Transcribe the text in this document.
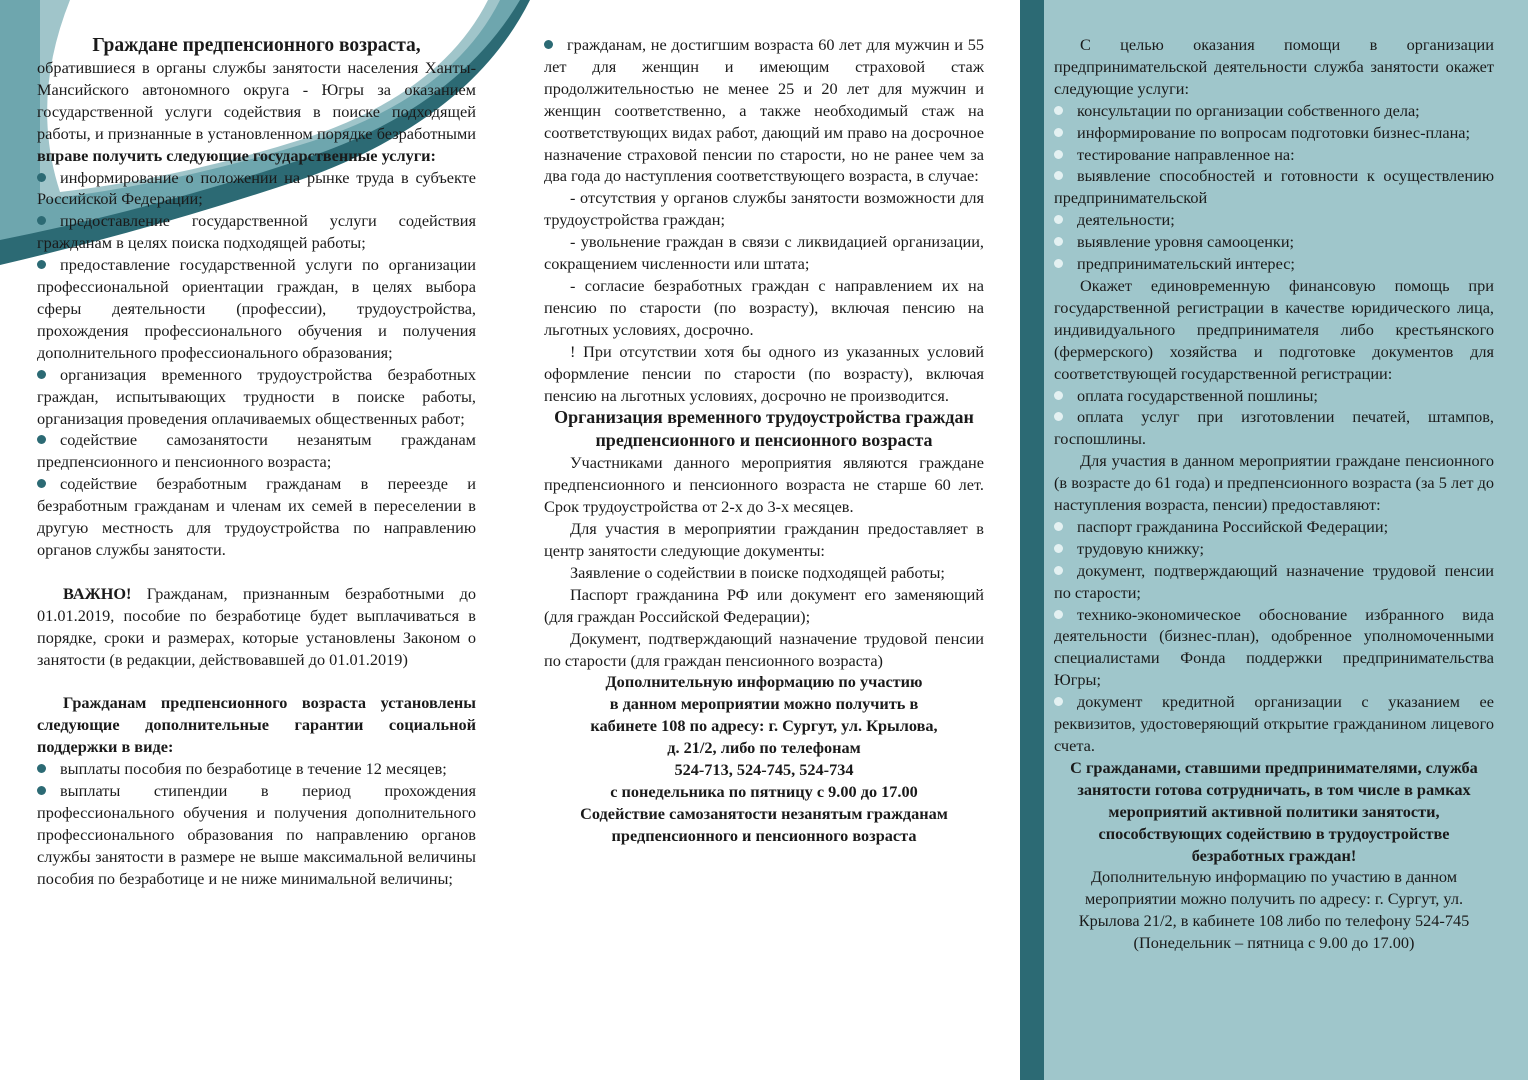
Граждане предпенсионного возраста,

обратившиеся в органы службы занятости населения Ханты-Мансийского автономного округа - Югры за оказанием государственной услуги содействия в поиске подходящей работы, и признанные в установленном порядке безработными вправе получить следующие государственные услуги:

информирование о положении на рынке труда в субъекте Российской Федерации;

предоставление государственной услуги содействия гражданам в целях поиска подходящей работы;

предоставление государственной услуги по организации профессиональной ориентации граждан, в целях выбора сферы деятельности (профессии), трудоустройства, прохождения профессионального обучения и получения дополнительного профессионального образования;

организация временного трудоустройства безработных граждан, испытывающих трудности в поиске работы, организация проведения оплачиваемых общественных работ;

содействие самозанятости незанятым гражданам предпенсионного и пенсионного возраста;

содействие безработным гражданам в переезде и безработным гражданам и членам их семей в переселении в другую местность для трудоустройства по направлению органов службы занятости.

ВАЖНО! Гражданам, признанным безработными до 01.01.2019, пособие по безработице будет выплачиваться в порядке, сроки и размерах, которые установлены Законом о занятости (в редакции, действовавшей до 01.01.2019)

Гражданам предпенсионного возраста установлены следующие дополнительные гарантии социальной поддержки в виде:

выплаты пособия по безработице в течение 12 месяцев;

выплаты стипендии в период прохождения профессионального обучения и получения дополнительного профессионального образования по направлению органов службы занятости в размере не выше максимальной величины пособия по безработице и не ниже минимальной величины;

гражданам, не достигшим возраста 60 лет для мужчин и 55 лет для женщин и имеющим страховой стаж продолжительностью не менее 25 и 20 лет для мужчин и женщин соответственно, а также необходимый стаж на соответствующих видах работ, дающий им право на досрочное назначение страховой пенсии по старости, но не ранее чем за два года до наступления соответствующего возраста, в случае:

- отсутствия у органов службы занятости возможности для трудоустройства граждан;

- увольнение граждан в связи с ликвидацией организации, сокращением численности или штата;

- согласие безработных граждан с направлением их на пенсию по старости (по возрасту), включая пенсию на льготных условиях, досрочно.

! При отсутствии хотя бы одного из указанных условий оформление пенсии по старости (по возрасту), включая пенсию на льготных условиях, досрочно не производится.

Организация временного трудоустройства граждан предпенсионного и пенсионного возраста

Участниками данного мероприятия являются граждане предпенсионного и пенсионного возраста не старше 60 лет. Срок трудоустройства от 2-х до 3-х месяцев.

Для участия в мероприятии гражданин предоставляет в центр занятости следующие документы:

Заявление о содействии в поиске подходящей работы;

Паспорт гражданина РФ или документ его заменяющий (для граждан Российской Федерации);

Документ, подтверждающий назначение трудовой пенсии по старости (для граждан пенсионного возраста)

Дополнительную информацию по участию
в данном мероприятии можно получить в
кабинете 108 по адресу: г. Сургут, ул. Крылова,
д. 21/2, либо по телефонам
524-713, 524-745, 524-734
с понедельника по пятницу с 9.00 до 17.00

Содействие самозанятости незанятым гражданам предпенсионного и пенсионного возраста

С целью оказания помощи в организации предпринимательской деятельности служба занятости окажет следующие услуги:

консультации по организации собственного дела;

информирование по вопросам подготовки бизнес-плана;

тестирование направленное на:

выявление способностей и готовности к осуществлению предпринимательской

деятельности;

выявление уровня самооценки;

предпринимательский интерес;

Окажет единовременную финансовую помощь при государственной регистрации в качестве юридического лица, индивидуального предпринимателя либо крестьянского (фермерского) хозяйства и подготовке документов для соответствующей государственной регистрации:

оплата государственной пошлины;

оплата услуг при изготовлении печатей, штампов, госпошлины.

Для участия в данном мероприятии граждане пенсионного (в возрасте до 61 года) и предпенсионного возраста (за 5 лет до наступления возраста, пенсии) предоставляют:

паспорт гражданина Российской Федерации;

трудовую книжку;

документ, подтверждающий назначение трудовой пенсии по старости;

технико-экономическое обоснование избранного вида деятельности (бизнес-план), одобренное уполномоченными специалистами Фонда поддержки предпринимательства Югры;

документ кредитной организации с указанием ее реквизитов, удостоверяющий открытие гражданином лицевого счета.

С гражданами, ставшими предпринимателями, служба занятости готова сотрудничать, в том числе в рамках мероприятий активной политики занятости, способствующих содействию в трудоустройстве безработных граждан!

Дополнительную информацию по участию в данном мероприятии можно получить по адресу: г. Сургут, ул. Крылова 21/2, в кабинете 108 либо по телефону 524-745

(Понедельник – пятница с 9.00 до 17.00)
